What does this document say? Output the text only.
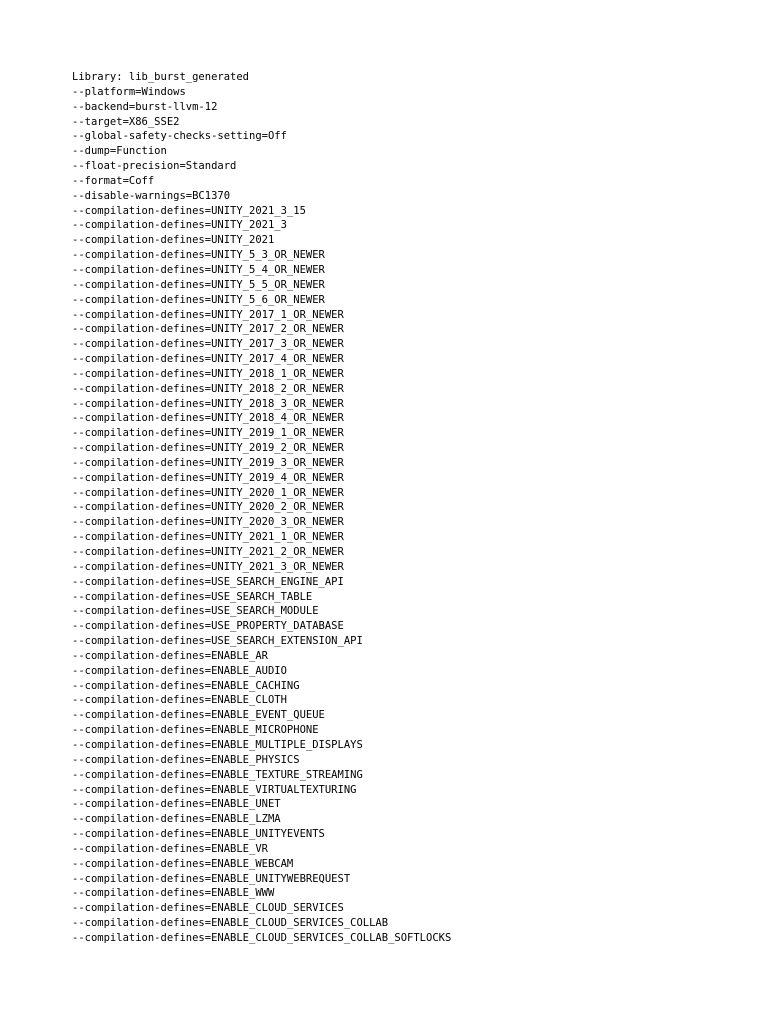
Library: lib_burst_generated
--platform=Windows
--backend=burst-llvm-12
--target=X86_SSE2
--global-safety-checks-setting=Off
--dump=Function
--float-precision=Standard
--format=Coff
--disable-warnings=BC1370
--compilation-defines=UNITY_2021_3_15
--compilation-defines=UNITY_2021_3
--compilation-defines=UNITY_2021
--compilation-defines=UNITY_5_3_OR_NEWER
--compilation-defines=UNITY_5_4_OR_NEWER
--compilation-defines=UNITY_5_5_OR_NEWER
--compilation-defines=UNITY_5_6_OR_NEWER
--compilation-defines=UNITY_2017_1_OR_NEWER
--compilation-defines=UNITY_2017_2_OR_NEWER
--compilation-defines=UNITY_2017_3_OR_NEWER
--compilation-defines=UNITY_2017_4_OR_NEWER
--compilation-defines=UNITY_2018_1_OR_NEWER
--compilation-defines=UNITY_2018_2_OR_NEWER
--compilation-defines=UNITY_2018_3_OR_NEWER
--compilation-defines=UNITY_2018_4_OR_NEWER
--compilation-defines=UNITY_2019_1_OR_NEWER
--compilation-defines=UNITY_2019_2_OR_NEWER
--compilation-defines=UNITY_2019_3_OR_NEWER
--compilation-defines=UNITY_2019_4_OR_NEWER
--compilation-defines=UNITY_2020_1_OR_NEWER
--compilation-defines=UNITY_2020_2_OR_NEWER
--compilation-defines=UNITY_2020_3_OR_NEWER
--compilation-defines=UNITY_2021_1_OR_NEWER
--compilation-defines=UNITY_2021_2_OR_NEWER
--compilation-defines=UNITY_2021_3_OR_NEWER
--compilation-defines=USE_SEARCH_ENGINE_API
--compilation-defines=USE_SEARCH_TABLE
--compilation-defines=USE_SEARCH_MODULE
--compilation-defines=USE_PROPERTY_DATABASE
--compilation-defines=USE_SEARCH_EXTENSION_API
--compilation-defines=ENABLE_AR
--compilation-defines=ENABLE_AUDIO
--compilation-defines=ENABLE_CACHING
--compilation-defines=ENABLE_CLOTH
--compilation-defines=ENABLE_EVENT_QUEUE
--compilation-defines=ENABLE_MICROPHONE
--compilation-defines=ENABLE_MULTIPLE_DISPLAYS
--compilation-defines=ENABLE_PHYSICS
--compilation-defines=ENABLE_TEXTURE_STREAMING
--compilation-defines=ENABLE_VIRTUALTEXTURING
--compilation-defines=ENABLE_UNET
--compilation-defines=ENABLE_LZMA
--compilation-defines=ENABLE_UNITYEVENTS
--compilation-defines=ENABLE_VR
--compilation-defines=ENABLE_WEBCAM
--compilation-defines=ENABLE_UNITYWEBREQUEST
--compilation-defines=ENABLE_WWW
--compilation-defines=ENABLE_CLOUD_SERVICES
--compilation-defines=ENABLE_CLOUD_SERVICES_COLLAB
--compilation-defines=ENABLE_CLOUD_SERVICES_COLLAB_SOFTLOCKS
